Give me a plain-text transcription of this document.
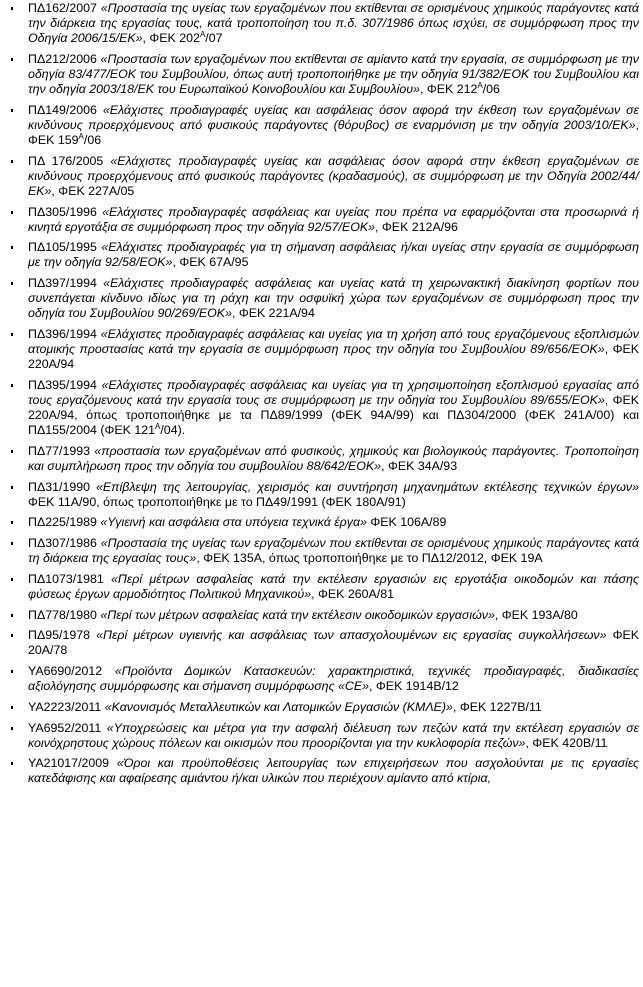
ΠΔ162/2007 «Προστασία της υγείας των εργαζομένων που εκτίθενται σε ορισμένους χημικούς παράγοντες κατά την διάρκεια της εργασίας τους, κατά τροποποίηση του π.δ. 307/1986 όπως ισχύει, σε συμμόρφωση προς την Οδηγία 2006/15/ΕΚ», ΦΕΚ $202^A/07$
ΠΔ212/2006 «Προστασία των εργαζομένων που εκτίθενται σε αμίαντο κατά την εργασία, σε συμμόρφωση με την οδηγία 83/477/ΕΟΚ του Συμβουλίου, όπως αυτή τροποποιήθηκε με την οδηγία 91/382/ΕΟΚ του Συμβουλίου και την οδηγία 2003/18/ΕΚ του Ευρωπαϊκού Κοινοβουλίου και Συμβουλίου», ΦΕΚ $212^A/06$
ΠΔ149/2006 «Ελάχιστες προδιαγραφές υγείας και ασφάλειας όσον αφορά την έκθεση των εργαζομένων σε κινδύνους προερχόμενους από φυσικούς παράγοντες (θόρυβος) σε εναρμόνιση με την οδηγία 2003/10/ΕΚ», ΦΕΚ $159^A/06$
ΠΔ 176/2005 «Ελάχιστες προδιαγραφές υγείας και ασφάλειας όσον αφορά στην έκθεση εργαζομένων σε κινδύνους προερχόμενους από φυσικούς παράγοντες (κραδασμούς), σε συμμόρφωση με την Οδηγία 2002/44/ΕΚ», ΦΕΚ 227Α/05
ΠΔ305/1996 «Ελάχιστες προδιαγραφές ασφάλειας και υγείας που πρέπα να εφαρμόζονται στα προσωρινά ή κινητά εργοτάξια σε συμμόρφωση προς την οδηγία 92/57/ΕΟΚ», ΦΕΚ 212Α/96
ΠΔ105/1995 «Ελάχιστες προδιαγραφές για τη σήμανση ασφάλειας ή/και υγείας στην εργασία σε συμμόρφωση με την οδηγία 92/58/ΕΟΚ», ΦΕΚ 67Α/95
ΠΔ397/1994 «Ελάχιστες προδιαγραφές ασφάλειας και υγείας κατά τη χειρωνακτική διακίνηση φορτίων που συνεπάγεται κίνδυνο ιδίως για τη ράχη και την οσφυϊκή χώρα των εργαζομένων σε συμμόρφωση προς την οδηγία του Συμβουλίου 90/269/ΕΟΚ», ΦΕΚ 221Α/94
ΠΔ396/1994 «Ελάχιστες προδιαγραφές ασφάλειας και υγείας για τη χρήση από τους εργαζόμενους εξοπλισμών ατομικής προστασίας κατά την εργασία σε συμμόρφωση προς την οδηγία του Συμβουλίου 89/656/ΕΟΚ», ΦΕΚ 220Α/94
ΠΔ395/1994 «Ελάχιστες προδιαγραφές ασφάλειας και υγείας για τη χρησιμοποίηση εξοπλισμού εργασίας από τους εργαζόμενους κατά την εργασία τους σε συμμόρφωση με την οδηγία του Συμβουλίου 89/655/ΕΟΚ», ΦΕΚ 220Α/94, όπως τροποποιήθηκε με τα ΠΔ89/1999 (ΦΕΚ 94Α/99) και ΠΔ304/2000 (ΦΕΚ 241Α/00) και ΠΔ155/2004 (ΦΕΚ $121^A/04$).
ΠΔ77/1993 «προστασία των εργαζομένων από φυσικούς, χημικούς και βιολογικούς παράγοντες. Τροποποίηση και συμπλήρωση προς την οδηγία του συμβουλίου 88/642/ΕΟΚ», ΦΕΚ 34Α/93
ΠΔ31/1990 «Επίβλεψη της λειτουργίας, χειρισμός και συντήρηση μηχανημάτων εκτέλεσης τεχνικών έργων» ΦΕΚ 11Α/90, όπως τροποποιήθηκε με το ΠΔ49/1991 (ΦΕΚ 180Α/91)
ΠΔ225/1989 «Υγιεινή και ασφάλεια στα υπόγεια τεχνικά έργα» ΦΕΚ 106Α/89
ΠΔ307/1986 «Προστασία της υγείας των εργαζομένων που εκτίθενται σε ορισμένους χημικούς παράγοντες κατά τη διάρκεια της εργασίας τους», ΦΕΚ 135Α, όπως τροποποιήθηκε με το ΠΔ12/2012, ΦΕΚ 19Α
ΠΔ1073/1981 «Περί μέτρων ασφαλείας κατά την εκτέλεσιν εργασιών εις εργοτάξια οικοδομών και πάσης φύσεως έργων αρμοδιότητος Πολιτικού Μηχανικού», ΦΕΚ 260Α/81
ΠΔ778/1980 «Περί των μέτρων ασφαλείας κατά την εκτέλεσιν οικοδομικών εργασιών», ΦΕΚ 193Α/80
ΠΔ95/1978 «Περί μέτρων υγιεινής και ασφάλειας των απασχολουμένων εις εργασίας συγκολλήσεων» ΦΕΚ 20Α/78
ΥΑ6690/2012 «Προϊόντα Δομικών Κατασκευών: χαρακτηριστικά, τεχνικές προδιαγραφές, διαδικασίες αξιολόγησης συμμόρφωσης και σήμανση συμμόρφωσης «CE», ΦΕΚ 1914Β/12
ΥΑ2223/2011 «Κανονισμός Μεταλλευτικών και Λατομικών Εργασιών (ΚΜΛΕ)», ΦΕΚ 1227Β/11
ΥΑ6952/2011 «Υποχρεώσεις και μέτρα για την ασφαλή διέλευση των πεζών κατά την εκτέλεση εργασιών σε κοινόχρηστους χώρους πόλεων και οικισμών που προορίζονται για την κυκλοφορία πεζών», ΦΕΚ 420Β/11
ΥΑ21017/2009 «Όροι και προϋποθέσεις λειτουργίας των επιχειρήσεων που ασχολούνται με τις εργασίες κατεδάφισης και αφαίρεσης αμιάντου ή/και υλικών που περιέχουν αμίαντο από κτίρια,
